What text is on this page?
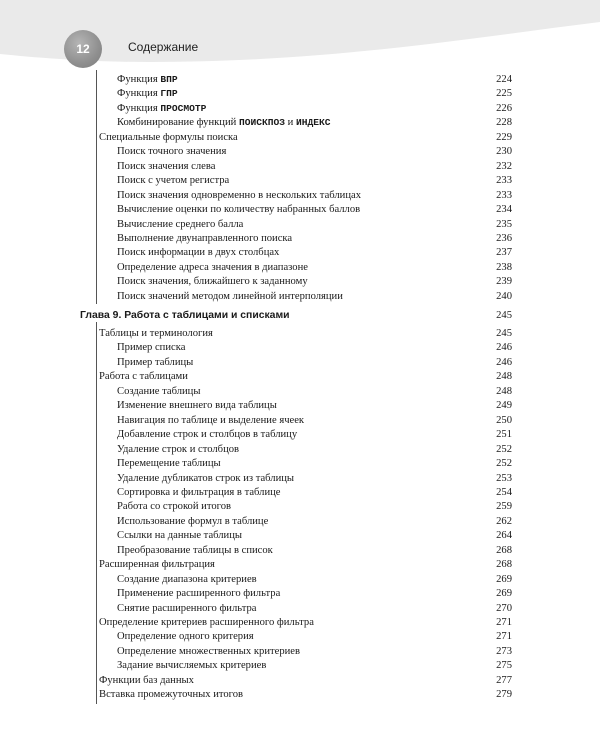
12	Содержание
Функция ВПР	224
Функция ГПР	225
Функция ПРОСМОТР	226
Комбинирование функций ПОИСКПОЗ и ИНДЕКС	228
Специальные формулы поиска	229
Поиск точного значения	230
Поиск значения слева	232
Поиск с учетом регистра	233
Поиск значения одновременно в нескольких таблицах	233
Вычисление оценки по количеству набранных баллов	234
Вычисление среднего балла	235
Выполнение двунаправленного поиска	236
Поиск информации в двух столбцах	237
Определение адреса значения в диапазоне	238
Поиск значения, ближайшего к заданному	239
Поиск значений методом линейной интерполяции	240
Глава 9. Работа с таблицами и списками	245
Таблицы и терминология	245
Пример списка	246
Пример таблицы	246
Работа с таблицами	248
Создание таблицы	248
Изменение внешнего вида таблицы	249
Навигация по таблице и выделение ячеек	250
Добавление строк и столбцов в таблицу	251
Удаление строк и столбцов	252
Перемещение таблицы	252
Удаление дубликатов строк из таблицы	253
Сортировка и фильтрация в таблице	254
Работа со строкой итогов	259
Использование формул в таблице	262
Ссылки на данные таблицы	264
Преобразование таблицы в список	268
Расширенная фильтрация	268
Создание диапазона критериев	269
Применение расширенного фильтра	269
Снятие расширенного фильтра	270
Определение критериев расширенного фильтра	271
Определение одного критерия	271
Определение множественных критериев	273
Задание вычисляемых критериев	275
Функции баз данных	277
Вставка промежуточных итогов	279
